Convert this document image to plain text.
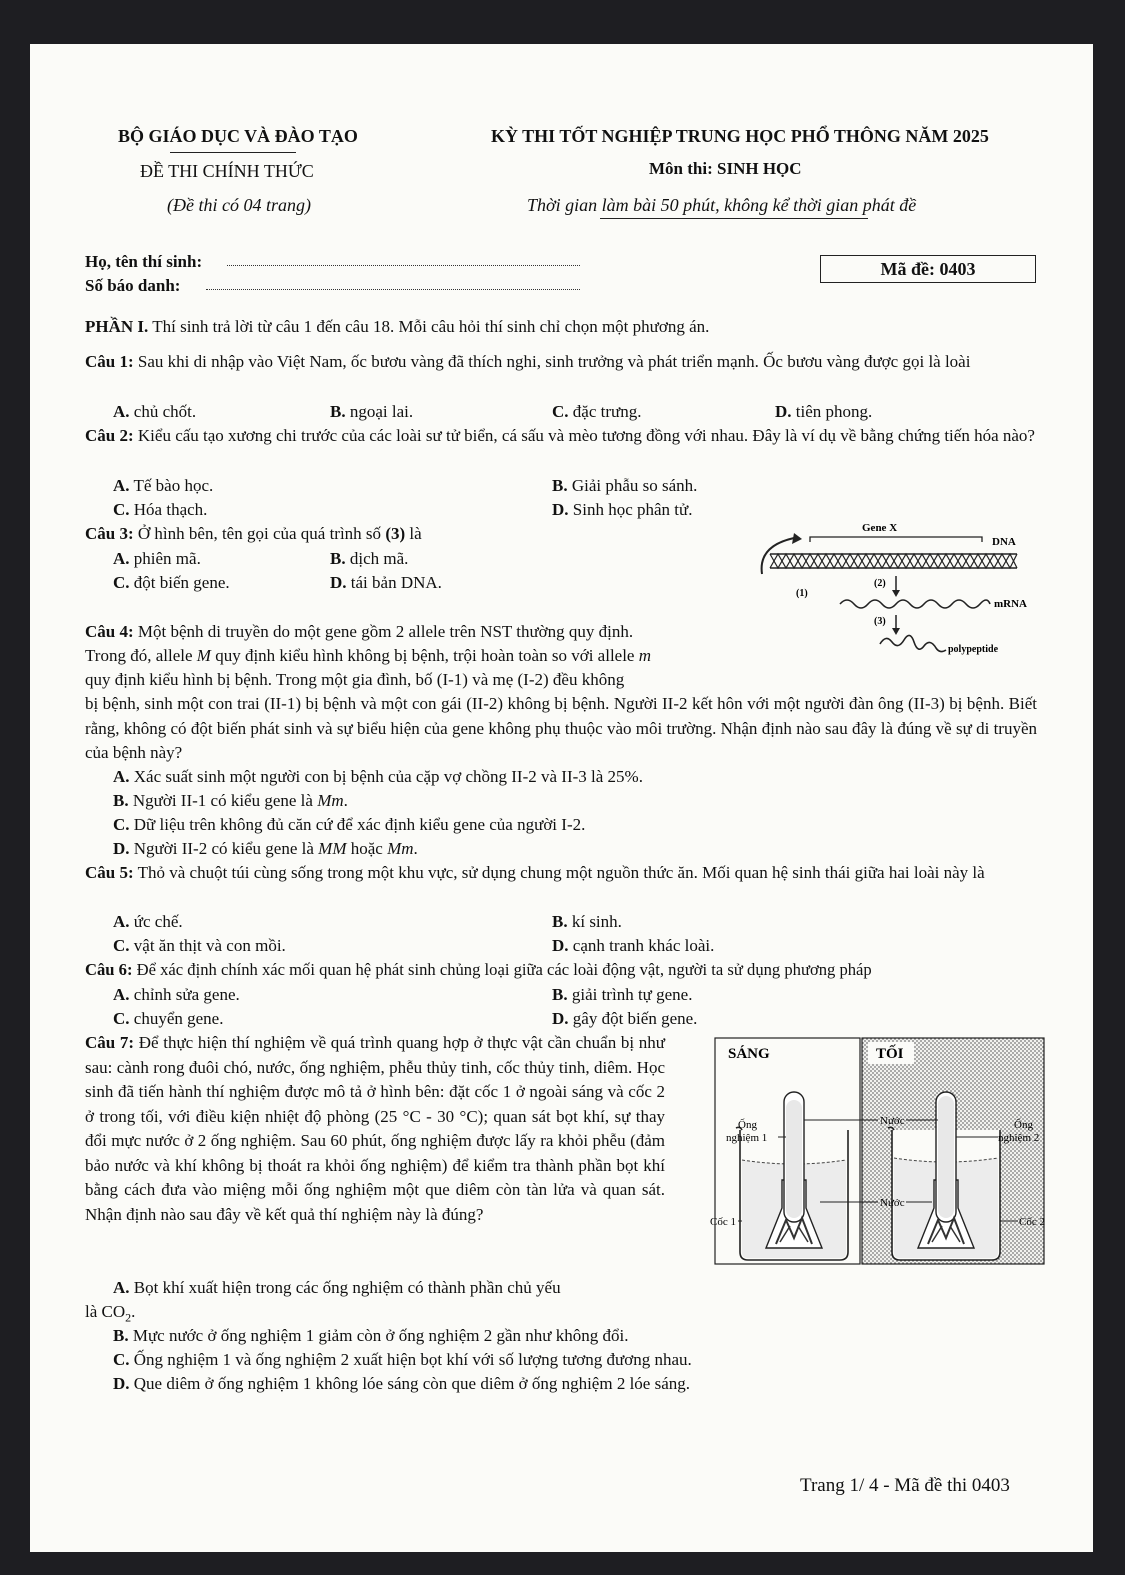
BỘ GIÁO DỤC VÀ ĐÀO TẠO
ĐỀ THI CHÍNH THỨC
(Đề thi có 04 trang)
KỲ THI TỐT NGHIỆP TRUNG HỌC PHỔ THÔNG NĂM 2025
Môn thi: SINH HỌC
Thời gian làm bài 50 phút, không kể thời gian phát đề
Họ, tên thí sinh:
Số báo danh:
Mã đề: 0403
PHẦN I. Thí sinh trả lời từ câu 1 đến câu 18. Mỗi câu hỏi thí sinh chỉ chọn một phương án.
Câu 1: Sau khi di nhập vào Việt Nam, ốc bươu vàng đã thích nghi, sinh trưởng và phát triển mạnh. Ốc bươu vàng được gọi là loài
A. chủ chốt.	B. ngoại lai.	C. đặc trưng.	D. tiên phong.
Câu 2: Kiểu cấu tạo xương chi trước của các loài sư tử biển, cá sấu và mèo tương đồng với nhau. Đây là ví dụ về bằng chứng tiến hóa nào?
A. Tế bào học.	B. Giải phẫu so sánh.
C. Hóa thạch.	D. Sinh học phân tử.
Câu 3: Ở hình bên, tên gọi của quá trình số (3) là
A. phiên mã.	B. dịch mã.
C. đột biến gene.	D. tái bản DNA.
Gene X
DNA
(2)
(1)
mRNA
(3)
polypeptide
Câu 4: Một bệnh di truyền do một gene gồm 2 allele trên NST thường quy định.
Trong đó, allele M quy định kiểu hình không bị bệnh, trội hoàn toàn so với allele m
quy định kiểu hình bị bệnh. Trong một gia đình, bố (I-1) và mẹ (I-2) đều không
bị bệnh, sinh một con trai (II-1) bị bệnh và một con gái (II-2) không bị bệnh. Người II-2 kết hôn với một người đàn ông (II-3) bị bệnh. Biết rằng, không có đột biến phát sinh và sự biểu hiện của gene không phụ thuộc vào môi trường. Nhận định nào sau đây là đúng về sự di truyền của bệnh này?
A. Xác suất sinh một người con bị bệnh của cặp vợ chồng II-2 và II-3 là 25%.
B. Người II-1 có kiểu gene là Mm.
C. Dữ liệu trên không đủ căn cứ để xác định kiểu gene của người I-2.
D. Người II-2 có kiểu gene là MM hoặc Mm.
Câu 5: Thỏ và chuột túi cùng sống trong một khu vực, sử dụng chung một nguồn thức ăn. Mối quan hệ sinh thái giữa hai loài này là
A. ức chế.	B. kí sinh.
C. vật ăn thịt và con mồi.	D. cạnh tranh khác loài.
Câu 6: Để xác định chính xác mối quan hệ phát sinh chủng loại giữa các loài động vật, người ta sử dụng phương pháp
A. chỉnh sửa gene.	B. giải trình tự gene.
C. chuyển gene.	D. gây đột biến gene.
Câu 7: Để thực hiện thí nghiệm về quá trình quang hợp ở thực vật cần chuẩn bị như sau: cành rong đuôi chó, nước, ống nghiệm, phễu thủy tinh, cốc thủy tinh, diêm. Học sinh đã tiến hành thí nghiệm được mô tả ở hình bên: đặt cốc 1 ở ngoài sáng và cốc 2 ở trong tối, với điều kiện nhiệt độ phòng (25 °C - 30 °C); quan sát bọt khí, sự thay đổi mực nước ở 2 ống nghiệm. Sau 60 phút, ống nghiệm được lấy ra khỏi phễu (đảm bảo nước và khí không bị thoát ra khỏi ống nghiệm) để kiểm tra thành phần bọt khí bằng cách đưa vào miệng mỗi ống nghiệm một que diêm còn tàn lửa và quan sát. Nhận định nào sau đây về kết quả thí nghiệm này là đúng?
A. Bọt khí xuất hiện trong các ống nghiệm có thành phần chủ yếu
là $CO_2$.
B. Mực nước ở ống nghiệm 1 giảm còn ở ống nghiệm 2 gần như không đổi.
C. Ống nghiệm 1 và ống nghiệm 2 xuất hiện bọt khí với số lượng tương đương nhau.
D. Que diêm ở ống nghiệm 1 không lóe sáng còn que diêm ở ống nghiệm 2 lóe sáng.
SÁNG	TỐI
Ống
nghiệm 1
Ống
nghiệm 2
Nước
Nước
Cốc 1	Cốc 2
Trang 1/ 4 - Mã đề thi 0403
